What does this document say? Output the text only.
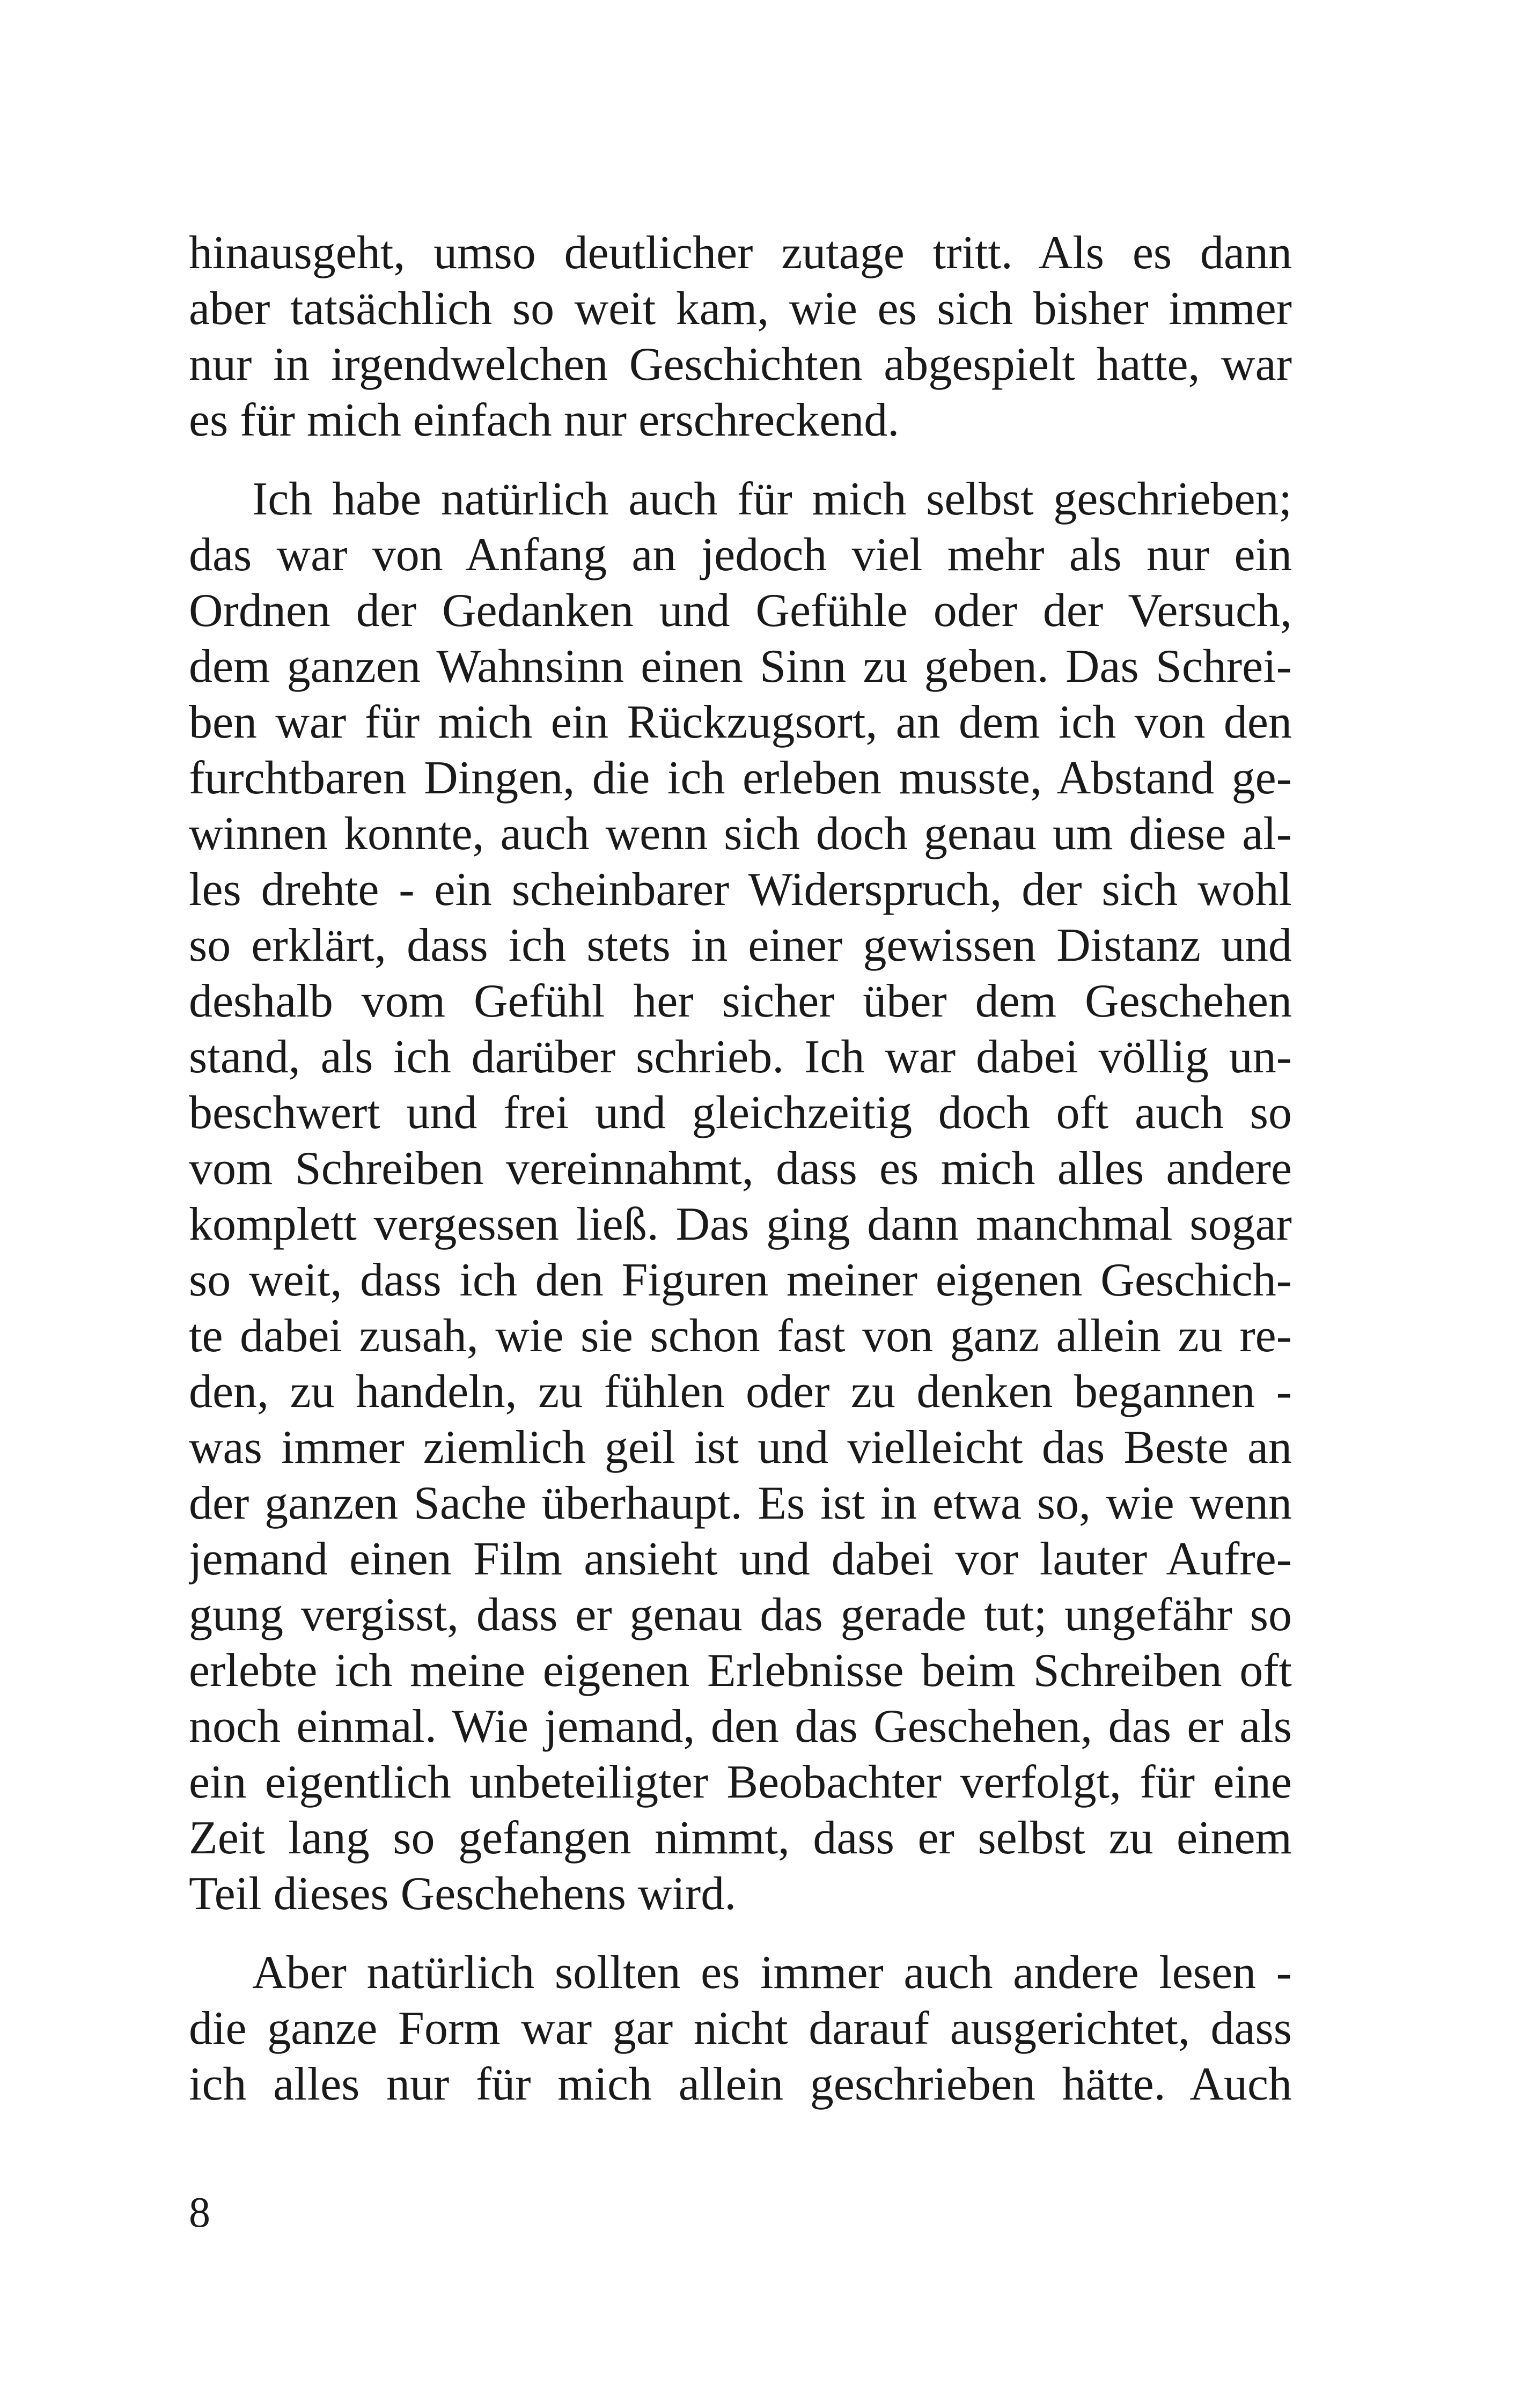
hinausgeht, umso deutlicher zutage tritt. Als es dann
aber tatsächlich so weit kam, wie es sich bisher immer
nur in irgendwelchen Geschichten abgespielt hatte, war
es für mich einfach nur erschreckend.
Ich habe natürlich auch für mich selbst geschrieben;
das war von Anfang an jedoch viel mehr als nur ein
Ordnen der Gedanken und Gefühle oder der Versuch,
dem ganzen Wahnsinn einen Sinn zu geben. Das Schrei-
ben war für mich ein Rückzugsort, an dem ich von den
furchtbaren Dingen, die ich erleben musste, Abstand ge-
winnen konnte, auch wenn sich doch genau um diese al-
les drehte - ein scheinbarer Widerspruch, der sich wohl
so erklärt, dass ich stets in einer gewissen Distanz und
deshalb vom Gefühl her sicher über dem Geschehen
stand, als ich darüber schrieb. Ich war dabei völlig un-
beschwert und frei und gleichzeitig doch oft auch so
vom Schreiben vereinnahmt, dass es mich alles andere
komplett vergessen ließ. Das ging dann manchmal sogar
so weit, dass ich den Figuren meiner eigenen Geschich-
te dabei zusah, wie sie schon fast von ganz allein zu re-
den, zu handeln, zu fühlen oder zu denken begannen -
was immer ziemlich geil ist und vielleicht das Beste an
der ganzen Sache überhaupt. Es ist in etwa so, wie wenn
jemand einen Film ansieht und dabei vor lauter Aufre-
gung vergisst, dass er genau das gerade tut; ungefähr so
erlebte ich meine eigenen Erlebnisse beim Schreiben oft
noch einmal. Wie jemand, den das Geschehen, das er als
ein eigentlich unbeteiligter Beobachter verfolgt, für eine
Zeit lang so gefangen nimmt, dass er selbst zu einem
Teil dieses Geschehens wird.
Aber natürlich sollten es immer auch andere lesen -
die ganze Form war gar nicht darauf ausgerichtet, dass
ich alles nur für mich allein geschrieben hätte. Auch
8
